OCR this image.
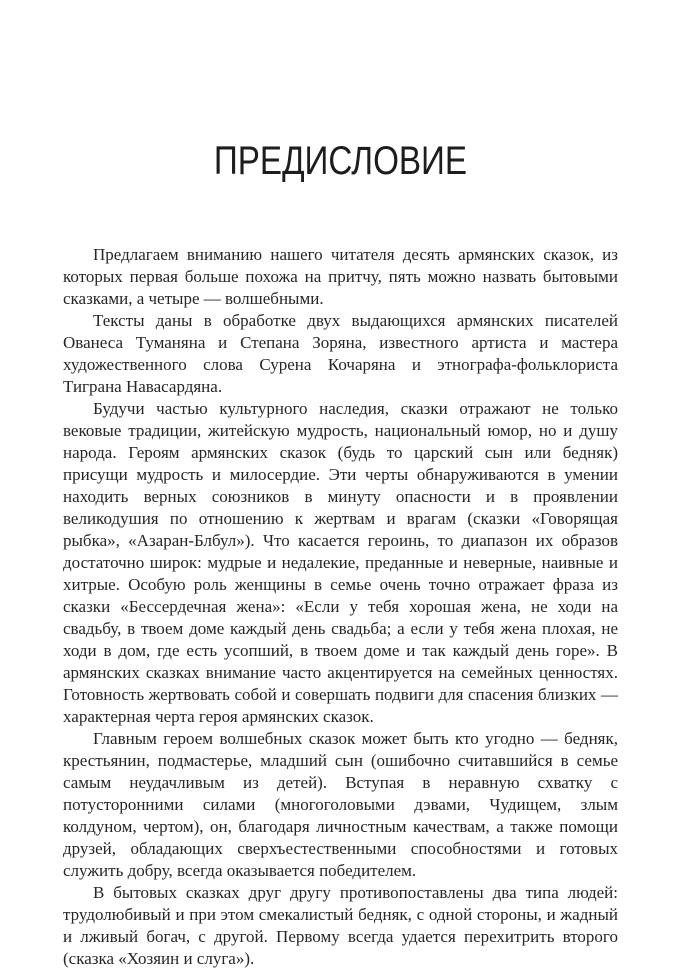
ПРЕДИСЛОВИЕ

Предлагаем вниманию нашего читателя десять армянских сказок, из которых первая больше похожа на притчу, пять можно назвать бытовыми сказками, а четыре — волшебными.

Тексты даны в обработке двух выдающихся армянских писателей Ованеса Туманяна и Степана Зоряна, известного артиста и мастера художественного слова Сурена Кочаряна и этнографа-фольклориста Тиграна Навасардяна.

Будучи частью культурного наследия, сказки отражают не только вековые традиции, житейскую мудрость, национальный юмор, но и душу народа. Героям армянских сказок (будь то царский сын или бедняк) присущи мудрость и милосердие. Эти черты обнаруживаются в умении находить верных союзников в минуту опасности и в проявлении великодушия по отношению к жертвам и врагам (сказки «Говорящая рыбка», «Азаран-Блбул»). Что касается героинь, то диапазон их образов достаточно широк: мудрые и недалекие, преданные и неверные, наивные и хитрые. Особую роль женщины в семье очень точно отражает фраза из сказки «Бессердечная жена»: «Если у тебя хорошая жена, не ходи на свадьбу, в твоем доме каждый день свадьба; а если у тебя жена плохая, не ходи в дом, где есть усопший, в твоем доме и так каждый день горе». В армянских сказках внимание часто акцентируется на семейных ценностях. Готовность жертвовать собой и совершать подвиги для спасения близких — характерная черта героя армянских сказок.

Главным героем волшебных сказок может быть кто угодно — бедняк, крестьянин, подмастерье, младший сын (ошибочно считавшийся в семье самым неудачливым из детей). Вступая в неравную схватку с потусторонними силами (многоголовыми дэвами, Чудищем, злым колдуном, чертом), он, благодаря личностным качествам, а также помощи друзей, обладающих сверхъестественными способностями и готовых служить добру, всегда оказывается победителем.

В бытовых сказках друг другу противопоставлены два типа людей: трудолюбивый и при этом смекалистый бедняк, с одной стороны, и жадный и лживый богач, с другой. Первому всегда удается перехитрить второго (сказка «Хозяин и слуга»).
